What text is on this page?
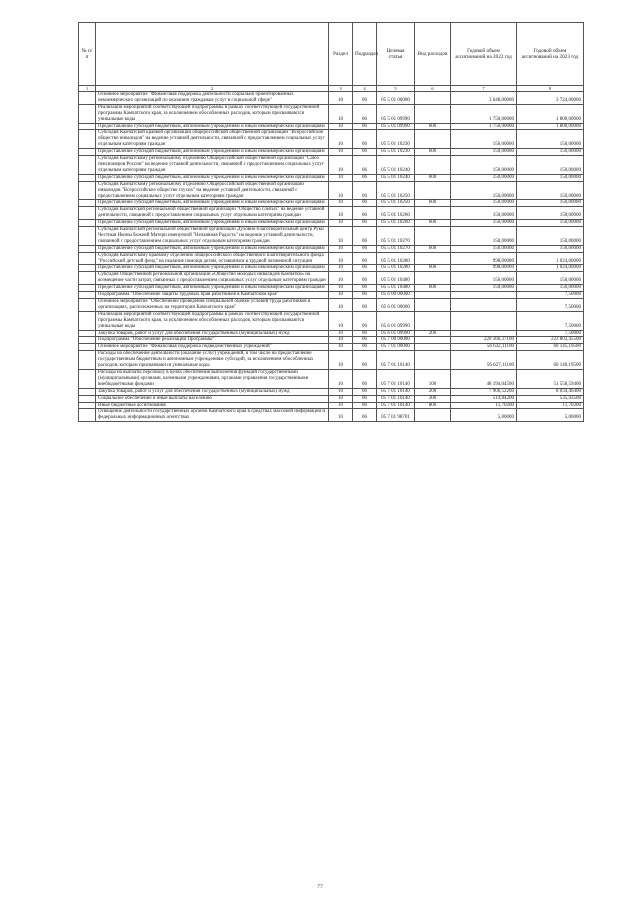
№ п/п		Раздел	Подраздел	Целевая статья	Вид расходов	Годовой объем ассигнований на 2022 год	Годовой объем ассигнований на 2023 год
1	2	3	4	5	6	7	8
	Основное мероприятие "Финансовая поддержка деятельности социально ориентированных некоммерческих организаций по оказанию гражданам услуг в социальной сфере"	10	06	05 5 01 00000		3 648,00000	3 724,00000
	Реализация мероприятий соответствующей подпрограммы в рамках соответствующей государственной программы Камчатского края, за исключением обособленных расходов, которым присваиваются уникальные коды	10	06	05 5 01 09990		1 750,00000	1 800,00000
	Предоставление субсидий бюджетным, автономным учреждениям и иным некоммерческим организациям	10	06	05 5 01 09990	600	1 750,00000	1 800,00000
	Субсидия Камчатской краевой организации общероссийской общественной организации "Всероссийское общество инвалидов" на ведение уставной деятельности, связанной с предоставлением социальных услуг отдельным категориям граждан	10	06	05 5 01 10230		150,00000	150,00000
	Предоставление субсидий бюджетным, автономным учреждениям и иным некоммерческим организациям	10	06	05 5 01 10230	600	150,00000	150,00000
	Субсидия Камчатскому региональному отделению Общероссийской общественной организации "Союз пенсионеров России" на ведение уставной деятельности, связанной с предоставлением социальных услуг отдельным категориям граждан	10	06	05 5 01 10240		150,00000	150,00000
	Предоставление субсидий бюджетным, автономным учреждениям и иным некоммерческим организациям	10	06	05 5 01 10240	600	150,00000	150,00000
	Субсидия Камчатскому региональному отделению Общероссийской общественной организации инвалидов "Всероссийское общество глухих" на ведение уставной деятельности, связанной с предоставлением социальных услуг отдельным категориям граждан	10	06	05 5 01 10250		150,00000	150,00000
	Предоставление субсидий бюджетным, автономным учреждениям и иным некоммерческим организациям	10	06	05 5 01 10250	600	150,00000	150,00000
	Субсидия Камчатской региональной общественной организации "Общество слепых" на ведение уставной деятельности, связанной с предоставлением социальных услуг отдельным категориям граждан	10	06	05 5 01 10260		150,00000	150,00000
	Предоставление субсидий бюджетным, автономным учреждениям и иным некоммерческим организациям	10	06	05 5 01 10260	600	150,00000	150,00000
	Субсидия Камчатской региональной общественной организации Духовно-благотворительный центр Руки Честныя Иконы Божией Матери именуемой "Нечаянная Радость" на ведение уставной деятельности, связанной с предоставлением социальных услуг отдельным категориям граждан	10	06	05 5 01 10270		150,00000	150,00000
	Предоставление субсидий бюджетным, автономным учреждениям и иным некоммерческим организациям	10	06	05 5 01 10270	600	150,00000	150,00000
	Субсидия Камчатскому краевому отделению общероссийского общественного благотворительного фонда "Российский детский фонд" на оказание помощи детям, оставшимся в трудной жизненной ситуации	10	06	05 5 01 10280		998,00000	1 024,00000
	Предоставление субсидий бюджетным, автономным учреждениям и иным некоммерческим организациям	10	06	05 5 01 10280	600	998,00000	1 024,00000
	Субсидия Общественной региональной организации «Общество молодых инвалидов Камчатки» на возмещение части затрат, связанных с предоставлением социальных услуг отдельным категориям граждан	10	06	05 5 01 10480		150,00000	150,00000
	Предоставление субсидий бюджетным, автономным учреждениям и иным некоммерческим организациям	10	06	05 5 01 10480	600	150,00000	150,00000
	Подпрограмма "Обеспечение защиты трудовых прав работников в Камчатском крае"	10	06	05 6 00 00000			7,50000
	Основное мероприятие "Обеспечение проведения специальной оценки условий труда работников в организациях, расположенных на территории Камчатского края"	10	06	05 6 01 00000			7,50000
	Реализация мероприятий соответствующей подпрограммы в рамках соответствующей государственной программы Камчатского края, за исключением обособленных расходов, которым присваиваются уникальные коды	10	06	05 6 01 09990			7,50000
	Закупка товаров, работ и услуг для обеспечения государственных (муниципальных) нужд	10	06	05 6 01 09990	200		7,50000
	Подпрограмма "Обеспечение реализации Программы"	10	06	05 7 00 00000		220 366,37100	223 803,45500
	Основное мероприятие "Финансовая поддержка подведомственных учреждений"	10	06	05 7 01 00000		56 632,11100	60 145,19500
	Расходы на обеспечение деятельности (оказание услуг) учреждений, в том числе на предоставление государственным бюджетным и автономным учреждениям субсидий, за исключением обособленных расходов, которым присваиваются уникальные коды	10	06	05 7 01 10140		56 627,11100	60 140,19500
	Расходы на выплаты персоналу в целях обеспечения выполнения функций государственными (муниципальными) органами, казенными учреждениями, органами управления государственными внебюджетными фондами	10	06	05 7 01 10140	100	48 194,04500	51 558,59400
	Закупка товаров, работ и услуг для обеспечения государственных (муниципальных) нужд	10	06	05 7 01 10140	200	7 906,52260	8 034,46400
	Социальное обеспечение и иные выплаты населению	10	06	05 7 01 10140	300	514,84200	535,43500
	Иные бюджетные ассигнования	10	06	05 7 01 10140	800	11,70200	11,70200
	Освещение деятельности государственных органов Камчатского края в средствах массовой информации и федеральных информационных агентствах	10	06	05 7 01 98701		5,00000	5,00000
77
